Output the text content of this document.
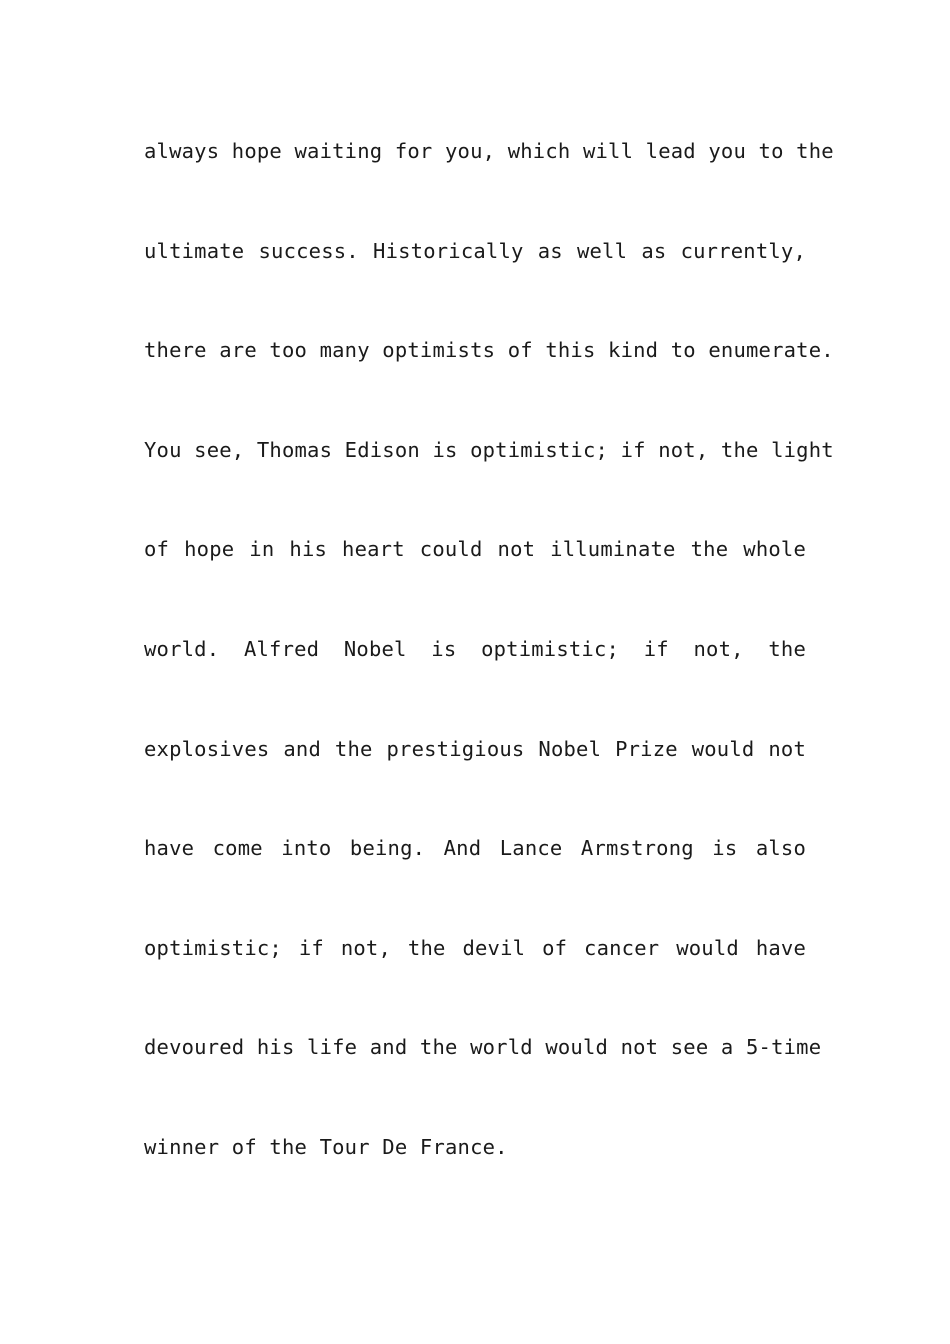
always hope waiting for you, which will lead you to the
ultimate success. Historically as well as currently,
there are too many optimists of this kind to enumerate.
You see, Thomas Edison is optimistic; if not, the light
of hope in his heart could not illuminate the whole
world. Alfred Nobel is optimistic; if not, the
explosives and the prestigious Nobel Prize would not
have come into being. And Lance Armstrong is also
optimistic; if not, the devil of cancer would have
devoured his life and the world would not see a 5-time
winner of the Tour De France.
